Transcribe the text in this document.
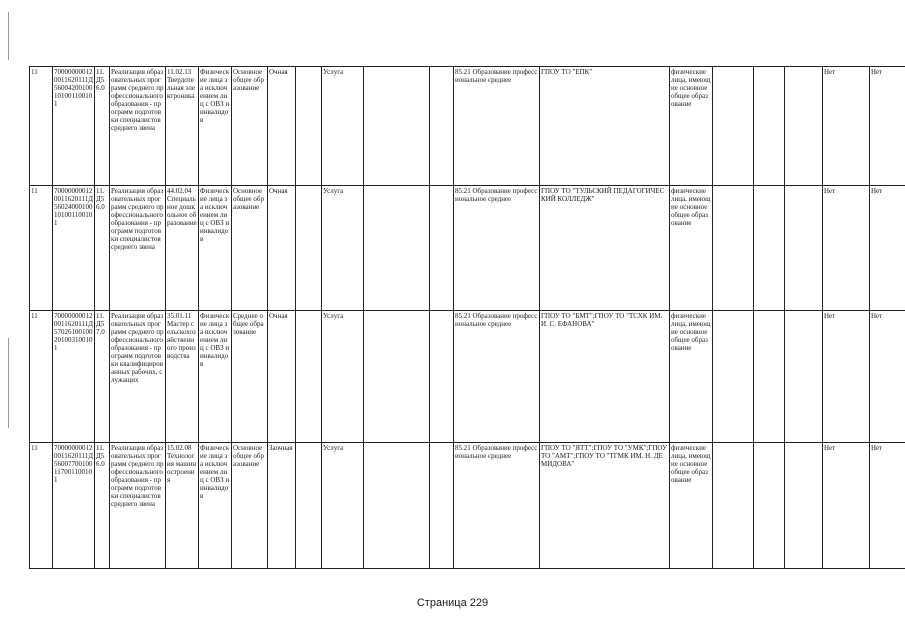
11	700000000120011620111Д56004200100101001100101	11.Д56.0	Реализация образовательных программ среднего профессионального образования - программ подготовки специалистов среднего звена	11.02.13 Твердотельная электроника	Физические лица за исключением лиц с ОВЗ и инвалидов	Основное общее образование	Очная		Услуга			85.21 Образование профессиональное среднее	ГПОУ ТО "ЕПК"	физические лица, имеющие основное общее образование				Нет	Нет	

11	700000000120011620111Д56024000100101001100101	11.Д56.0	Реализация образовательных программ среднего профессионального образования - программ подготовки специалистов среднего звена	44.02.04 Специальное дошкольное образование	Физические лица за исключением лиц с ОВЗ и инвалидов	Основное общее образование	Очная		Услуга			85.21 Образование профессиональное среднее	ГПОУ ТО "ТУЛЬСКИЙ ПЕДАГОГИЧЕСКИЙ КОЛЛЕДЖ"	физические лица, имеющие основное общее образование				Нет	Нет	

11	700000000120011620111Д57026100100201003100101	11.Д57.0	Реализация образовательных программ среднего профессионального образования - программ подготовки квалифицированных рабочих, служащих	35.01.11 Мастер сельскохозяйственного производства	Физические лица за исключением лиц с ОВЗ и инвалидов	Среднее общее образование	Очная		Услуга			85.21 Образование профессиональное среднее	ГПОУ ТО "БМТ";ГПОУ ТО "ТСХК ИМ. И. С. ЕФАНОВА"	физические лица, имеющие основное общее образование				Нет	Нет	

11	700000000120011620111Д56007700100117001100101	11.Д56.0	Реализация образовательных программ среднего профессионального образования - программ подготовки специалистов среднего звена	15.02.08 Технология машиностроения	Физические лица за исключением лиц с ОВЗ и инвалидов	Основное общее образование	Заочная		Услуга			85.21 Образование профессиональное среднее	ГПОУ ТО "ЯТТ";ГПОУ ТО "УМК";ГПОУ ТО "АМТ";ГПОУ ТО "ТГМК ИМ. Н. ДЕМИДОВА"	физические лица, имеющие основное общее образование				Нет	Нет	

Страница 229
